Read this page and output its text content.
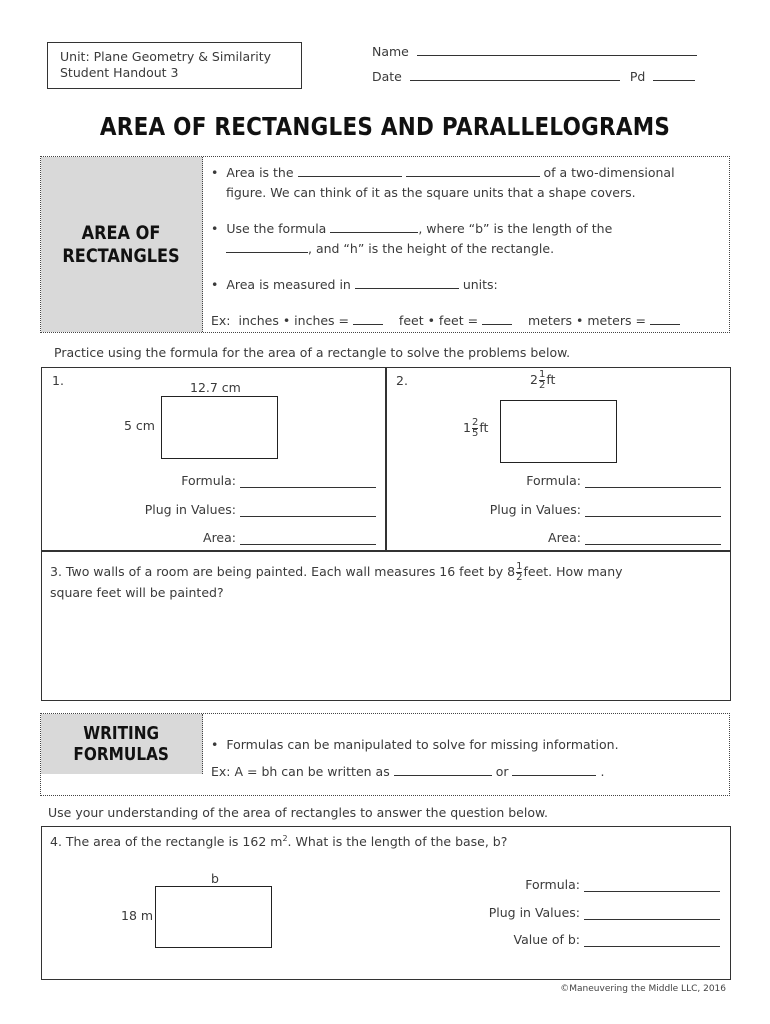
Unit: Plane Geometry & Similarity
Student Handout 3
Name
Date	Pd
AREA OF RECTANGLES AND PARALLELOGRAMS
AREA OF
RECTANGLES
•  Area is the	of a two-dimensional
figure. We can think of it as the square units that a shape covers.
•  Use the formula	, where “b” is the length of the
, and “h” is the height of the rectangle.
•  Area is measured in	units:
Ex: inches • inches =	feet • feet =	meters • meters =
Practice using the formula for the area of a rectangle to solve the problems below.
1.	12.7 cm
5 cm
Formula:
Plug in Values:
Area:
2.	$2 \frac{1}{2}$ ft
$1 \frac{2}{5}$ ft
Formula:
Plug in Values:
Area:
3. Two walls of a room are being painted. Each wall measures 16 feet by $8 \frac{1}{2}$ feet. How many
square feet will be painted?
WRITING
FORMULAS	•  Formulas can be manipulated to solve for missing information.
Ex: A = bh can be written as	or	.
Use your understanding of the area of rectangles to answer the question below.
4. The area of the rectangle is 162 $m^2$. What is the length of the base, b?
b
18 m
Formula:
Plug in Values:
Value of b:
©Maneuvering the Middle LLC, 2016
